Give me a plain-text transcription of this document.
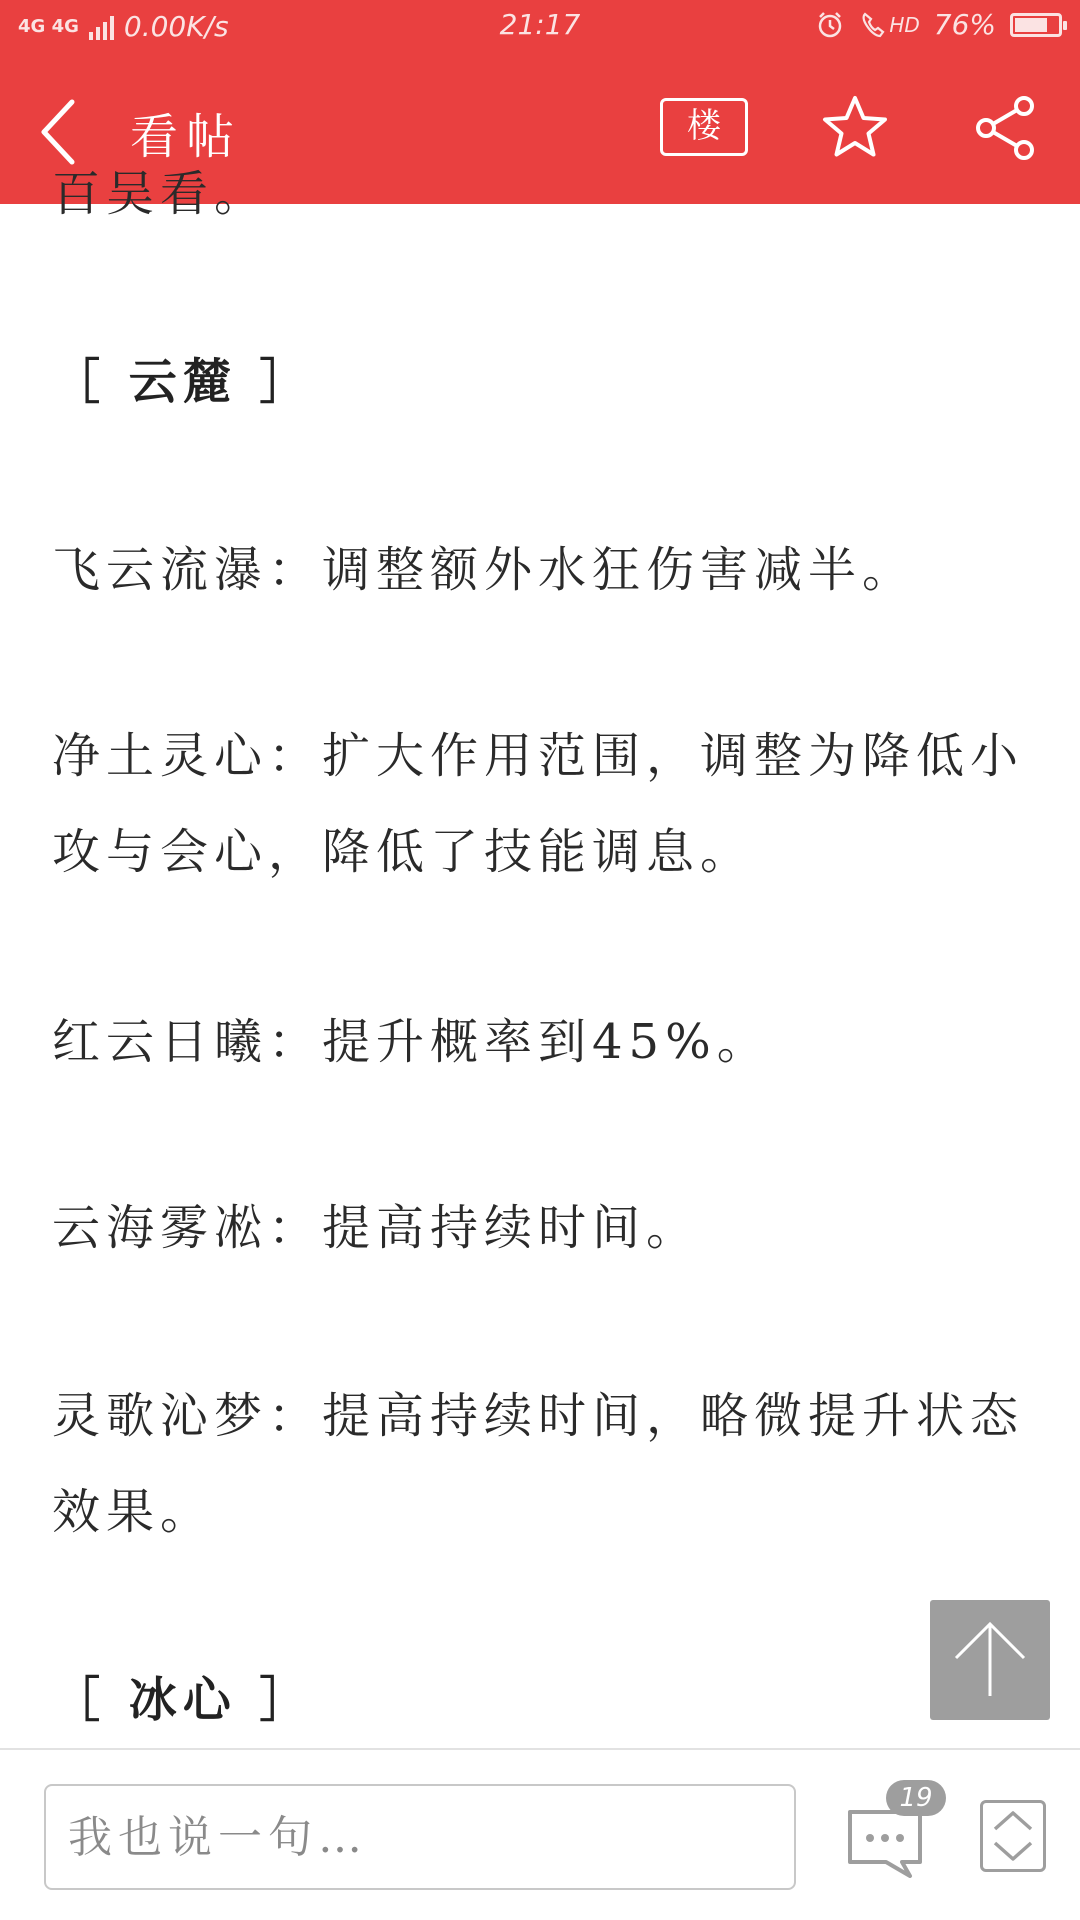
4G 4G 0.00K/s	21:17	HD 76%
看帖	楼
百吴看。
［ 云麓 ］
飞云流瀑：调整额外水狂伤害减半。
净土灵心：扩大作用范围，调整为降低小攻与会心，降低了技能调息。
红云日曦：提升概率到45%。
云海雾凇：提高持续时间。
灵歌沁梦：提高持续时间，略微提升状态效果。
［ 冰心 ］
我也说一句…
19
